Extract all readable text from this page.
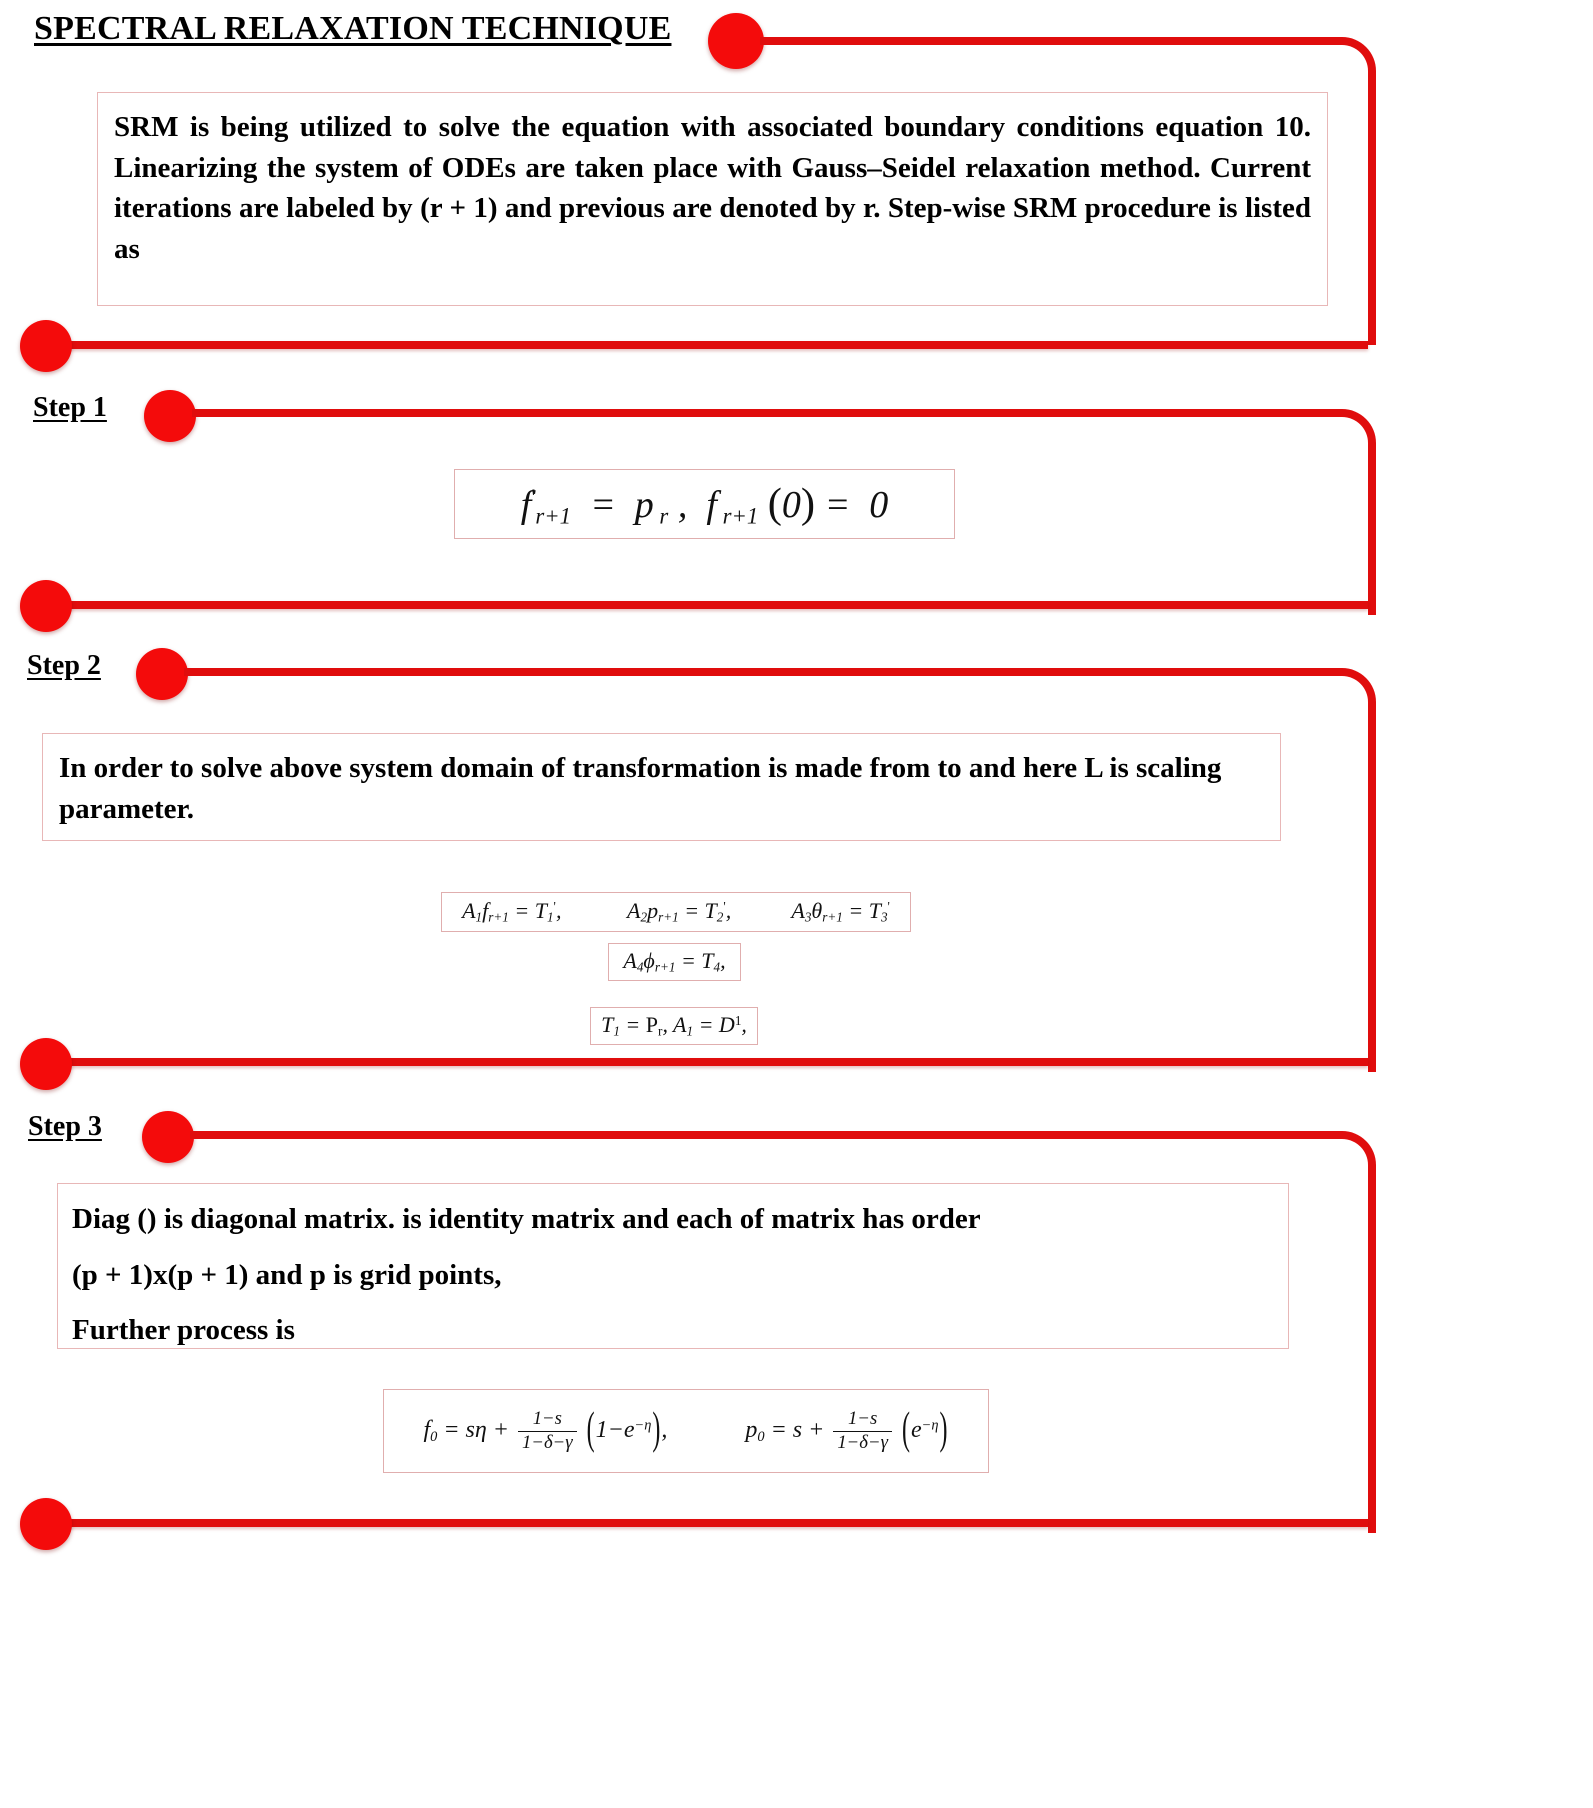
SPECTRAL RELAXATION TECHNIQUE

SRM is being utilized to solve the equation with associated boundary conditions equation 10. Linearizing the system of ODEs are taken place with Gauss–Seidel relaxation method. Current iterations are labeled by (r + 1) and previous are denoted by r. Step-wise SRM procedure is listed as

Step 1
$f'_{r+1} = p$ $_r$ ,  f $_{r+1}$ (0) =  0
Step 2

In order to solve above system domain of transformation is made from to and here L is scaling parameter.

$A_1f_{r+1} = T_1'$,            $A_2p_{r+1} = T_2'$,           $A_3\theta_{r+1} = T_3'$
$A_4\phi_{r+1} = T_4$,
$T_1 = P_r$, $A_1 = D^1$,
Step 3

Diag () is diagonal matrix. is identity matrix and each of matrix has order

(p + 1)x(p + 1) and p is grid points,

Further process is

$f_0 = s\eta + \frac{1-s}{1-\delta-\gamma} (1-e^{-\eta})$,             $p_0 = s + \frac{1-s}{1-\delta-\gamma} (e^{-\eta})$
